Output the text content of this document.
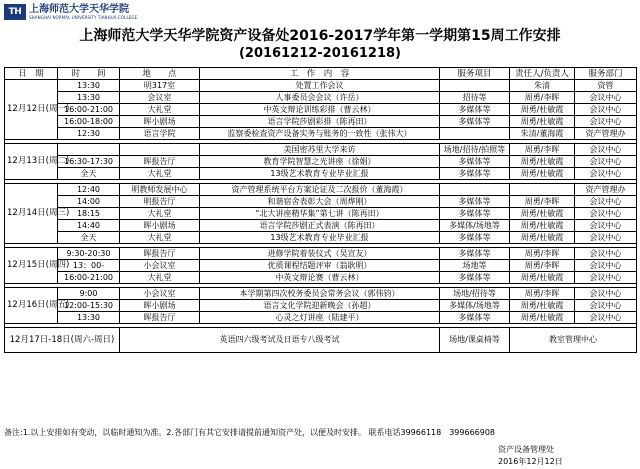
TH 上海师范大学天华学院
SHANGHAI NORMAL UNIVERSITY TIANHUA COLLEGE
上海师范大学天华学院资产设备处2016-2017学年第一学期第15周工作安排
(20161212-20161218)
日　期	时　　间	地　　点	工　作　内　容	服务项目	责任人/负责人	服务部门
12月12日(周一)	13:30	明317室	处置工作会议		朱清	资管
	13:30	会议室	人事委员会会议（许岳）	招待等	周勇/李晖	会议中心
	16:00-21:00	大礼堂	中英文辩论训练彩排（曹云林）	多媒体等	周勇/杜敏霞	会议中心
	16:00-18:00	晖小剧场	语言学院莎剧彩排（陈再田）	多媒体等	周勇/杜敏霞	会议中心
	12:30	语言学院	监察委检查资产设备实务与账务的一致性（张伟大）		朱清/董海霞	资产管理办

12月13日(周二)			美国密苏里大学来访	场地/招待/拍照等	周勇/李晖	会议中心
	16:30-17:30	晖报告厅	教育学院智慧之光讲座（徐娟）	多媒体等	周勇/杜敏霞	会议中心
	全天	大礼堂	13级艺术教育专业毕业汇报	多媒体等	周勇/杜敏霞	会议中心

12月14日(周三)	12:40	明教师发展中心	资产管理系统平台方案论证及二次报价（董海霞）			资产管理办
	14:00	明报告厅	和谐宿舍表彰大会（周烨刚）	多媒体等	周勇/李晖	会议中心
	18:15	大礼堂	“北大讲座精华集”第七讲（陈再田）	多媒体等	周勇/杜敏霞	会议中心
	14:40	晖小剧场	语言学院莎剧正式表演（陈再田）	多媒体/场地等	周勇/杜敏霞	会议中心
	全天	大礼堂	13级艺术教育专业毕业汇报	多媒体等	周勇/杜敏霞	会议中心

12月15日(周四)	9:30-20:30	晖报告厅	进修学院着装仪式（吴宣友）	多媒体等	周勇/李晖	会议中心
	13：00-	小会议室	优质课程结题评审（翁耿明）	场地等	周勇/李晖	会议中心
	16:00-21:00	大礼堂	中英文辩论赛（曹云林）	多媒体等	周勇/杜敏霞	会议中心

12月16日(周五)	9:00	小会议室	本学期第四次校务委员会常务会议（郭伟钧）	场地/招待等	周勇/李晖	会议中心
	12:00-15:30	晖小剧场	语言文化学院迎新晚会（孙超）	多媒体/场地等	周勇/杜敏霞	会议中心
	13:30	晖报告厅	心灵之灯讲座（陆建平）	多媒体等	周勇/杜敏霞	会议中心

12月17日-18日(周六-周日)		英语四六级考试及日语专八级考试		场地/课桌椅等	教室管理中心	
备注:1.以上安排如有变动，以临时通知为准。2.各部门有其它安排请提前通知资产处，以便及时安排。 联系电话39966118　399666908
资产设备管理处
2016年12月12日
